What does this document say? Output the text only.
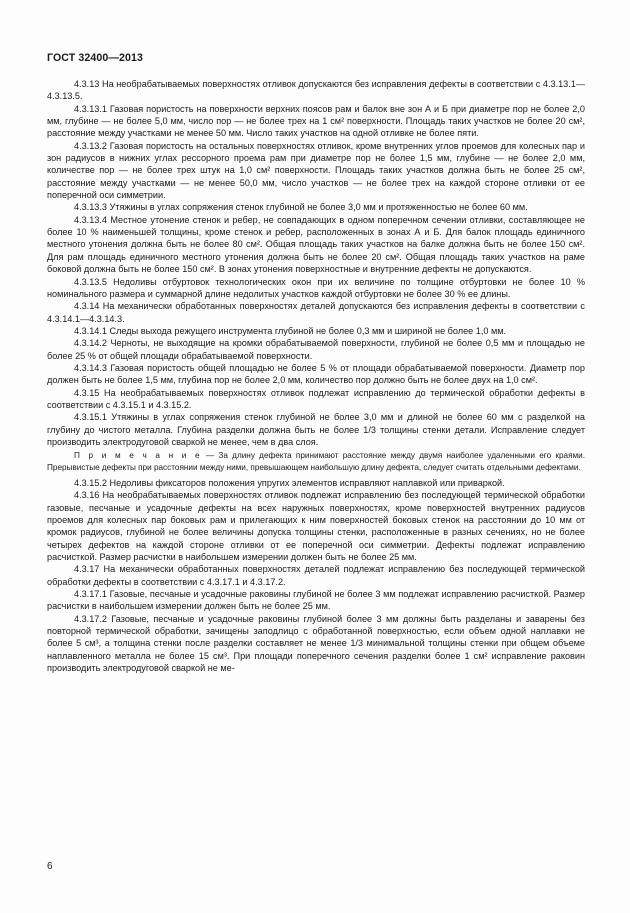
ГОСТ 32400—2013

4.3.13 На необрабатываемых поверхностях отливок допускаются без исправления дефекты в соответствии с 4.3.13.1—4.3.13.5.

4.3.13.1 Газовая пористость на поверхности верхних поясов рам и балок вне зон А и Б при диаметре пор не более 2,0 мм, глубине — не более 5,0 мм, число пор — не более трех на 1 см² поверхности. Площадь таких участков не более 20 см², расстояние между участками не менее 50 мм. Число таких участков на одной отливке не более пяти.

4.3.13.2 Газовая пористость на остальных поверхностях отливок, кроме внутренних углов проемов для колесных пар и зон радиусов в нижних углах рессорного проема рам при диаметре пор не более 1,5 мм, глубине — не более 2,0 мм, количестве пор — не более трех штук на 1,0 см² поверхности. Площадь таких участков должна быть не более 25 см², расстояние между участками — не менее 50,0 мм, число участков — не более трех на каждой стороне отливки от ее поперечной оси симметрии.

4.3.13.3 Утяжины в углах сопряжения стенок глубиной не более 3,0 мм и протяженностью не более 60 мм.

4.3.13.4 Местное утонение стенок и ребер, не совпадающих в одном поперечном сечении отливки, составляющее не более 10 % наименьшей толщины, кроме стенок и ребер, расположенных в зонах А и Б. Для балок площадь единичного местного утонения должна быть не более 80 см². Общая площадь таких участков на балке должна быть не более 150 см². Для рам площадь единичного местного утонения должна быть не более 20 см². Общая площадь таких участков на раме боковой должна быть не более 150 см². В зонах утонения поверхностные и внутренние дефекты не допускаются.

4.3.13.5 Недоливы отбуртовок технологических окон при их величине по толщине отбуртовки не более 10 % номинального размера и суммарной длине недолитых участков каждой отбуртовки не более 30 % ее длины.

4.3.14 На механически обработанных поверхностях деталей допускаются без исправления дефекты в соответствии с 4.3.14.1—4.3.14.3.

4.3.14.1 Следы выхода режущего инструмента глубиной не более 0,3 мм и шириной не более 1,0 мм.

4.3.14.2 Черноты, не выходящие на кромки обрабатываемой поверхности, глубиной не более 0,5 мм и площадью не более 25 % от общей площади обрабатываемой поверхности.

4.3.14.3 Газовая пористость общей площадью не более 5 % от площади обрабатываемой поверхности. Диаметр пор должен быть не более 1,5 мм, глубина пор не более 2,0 мм, количество пор должно быть не более двух на 1,0 см².

4.3.15 На необрабатываемых поверхностях отливок подлежат исправлению до термической обработки дефекты в соответствии с 4.3.15.1 и 4.3.15.2.

4.3.15.1 Утяжины в углах сопряжения стенок глубиной не более 3,0 мм и длиной не более 60 мм с разделкой на глубину до чистого металла. Глубина разделки должна быть не более 1/3 толщины стенки детали. Исправление следует производить электродуговой сваркой не менее, чем в два слоя.

П р и м е ч а н и е — За длину дефекта принимают расстояние между двумя наиболее удаленными его краями. Прерывистые дефекты при расстоянии между ними, превышающем наибольшую длину дефекта, следует считать отдельными дефектами.

4.3.15.2 Недоливы фиксаторов положения упругих элементов исправляют наплавкой или приваркой.

4.3.16 На необрабатываемых поверхностях отливок подлежат исправлению без последующей термической обработки газовые, песчаные и усадочные дефекты на всех наружных поверхностях, кроме поверхностей внутренних радиусов проемов для колесных пар боковых рам и прилегающих к ним поверхностей боковых стенок на расстоянии до 10 мм от кромок радиусов, глубиной не более величины допуска толщины стенки, расположенные в разных сечениях, но не более четырех дефектов на каждой стороне отливки от ее поперечной оси симметрии. Дефекты подлежат исправлению расчисткой. Размер расчистки в наибольшем измерении должен быть не более 25 мм.

4.3.17 На механически обработанных поверхностях деталей подлежат исправлению без последующей термической обработки дефекты в соответствии с 4.3.17.1 и 4.3.17.2.

4.3.17.1 Газовые, песчаные и усадочные раковины глубиной не более 3 мм подлежат исправлению расчисткой. Размер расчистки в наибольшем измерении должен быть не более 25 мм.

4.3.17.2 Газовые, песчаные и усадочные раковины глубиной более 3 мм должны быть разделаны и заварены без повторной термической обработки, зачищены заподлицо с обработанной поверхностью, если объем одной наплавки не более 5 см³, а толщина стенки после разделки составляет не менее 1/3 минимальной толщины стенки при общем объеме наплавленного металла не более 15 см³. При площади поперечного сечения разделки более 1 см² исправление раковин производить электродуговой сваркой не ме-

6
